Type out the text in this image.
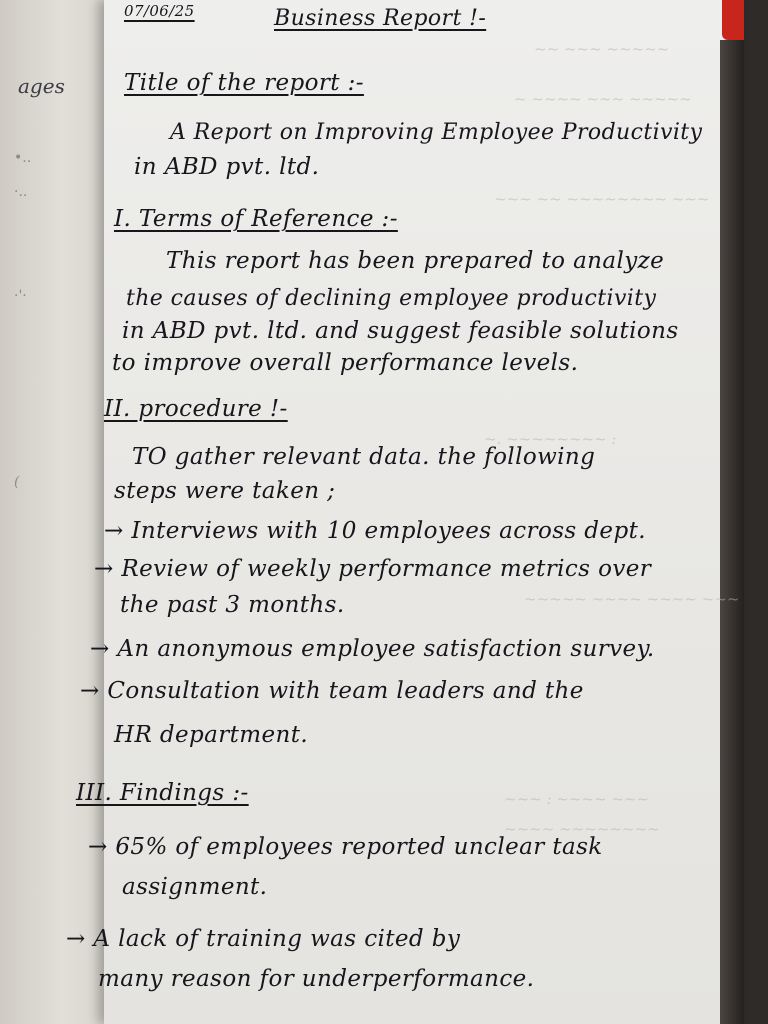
ages
•..
·..
·'·
(
~~ ~~~ ~~~~~
~ ~~~~ ~~~ ~~~~~
~~~ ~~ ~~~~~~~~ ~~~
~. ~~~~~~~~ :
~~~~~ ~~~~ ~~~~ ~~~
~~~ : ~~~~ ~~~
~~~~ ~~~~~~~~
07/06/25	Business Report !-
Title of the report :-
A Report on Improving Employee Productivity
in ABD pvt. ltd.
I. Terms of Reference :-
This report has been prepared to analyze
the causes of declining employee productivity
in ABD pvt. ltd. and suggest feasible solutions
to improve overall performance levels.
II. procedure !-
TO gather relevant data. the following
steps were taken ;
→ Interviews with 10 employees across dept.
→ Review of weekly performance metrics over
the past 3 months.
→ An anonymous employee satisfaction survey.
→ Consultation with team leaders and the
HR department.
III. Findings :-
→ 65% of employees reported unclear task
assignment.
→ A lack of training was cited by
many reason for underperformance.
